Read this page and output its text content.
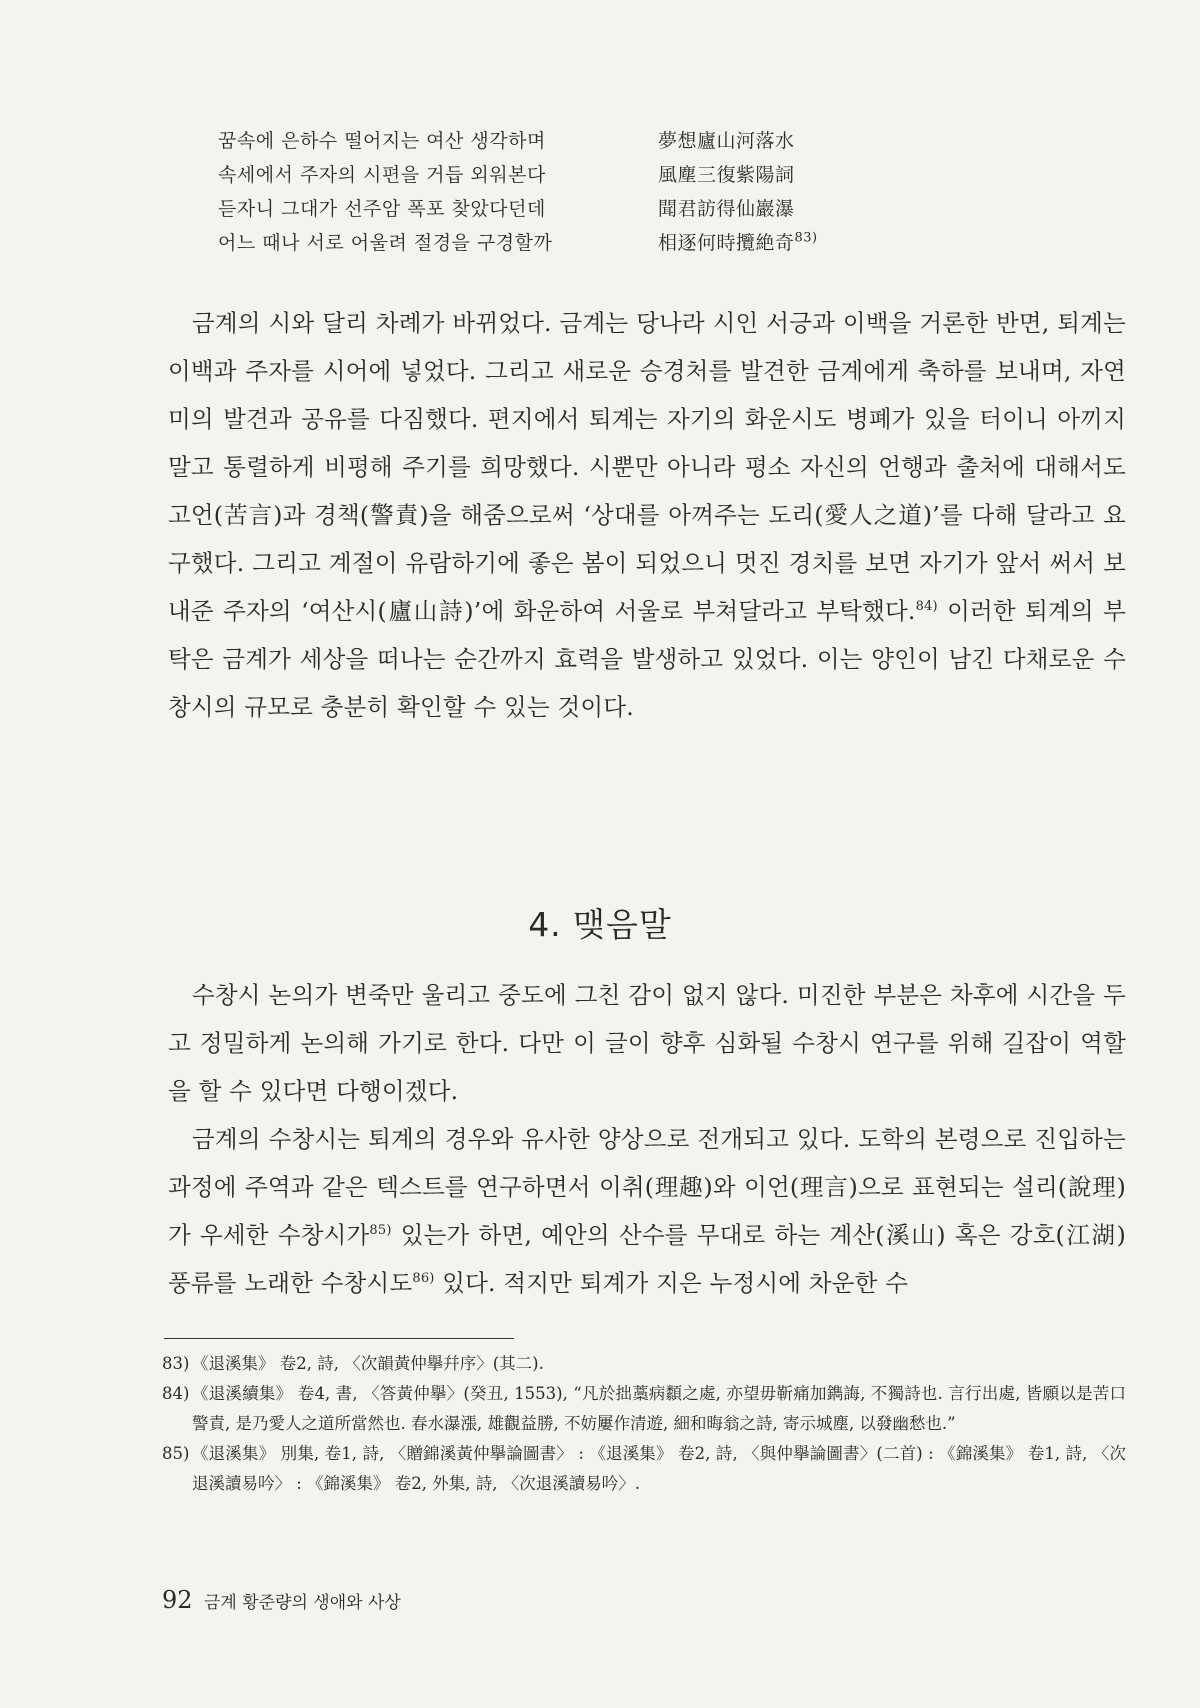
꿈속에 은하수 떨어지는 여산 생각하며	夢想廬山河落水
속세에서 주자의 시편을 거듭 외워본다	風塵三復紫陽詞
듣자니 그대가 선주암 폭포 찾았다던데	聞君訪得仙巖瀑
어느 때나 서로 어울려 절경을 구경할까	相逐何時攬絶奇$^{83)}$

금계의 시와 달리 차례가 바뀌었다. 금계는 당나라 시인 서긍과 이백을 거론한 반면, 퇴계는 이백과 주자를 시어에 넣었다. 그리고 새로운 승경처를 발견한 금계에게 축하를 보내며, 자연미의 발견과 공유를 다짐했다. 편지에서 퇴계는 자기의 화운시도 병폐가 있을 터이니 아끼지 말고 통렬하게 비평해 주기를 희망했다. 시뿐만 아니라 평소 자신의 언행과 출처에 대해서도 고언(苦言)과 경책(警責)을 해줌으로써 ‘상대를 아껴주는 도리(愛人之道)’를 다해 달라고 요구했다. 그리고 계절이 유람하기에 좋은 봄이 되었으니 멋진 경치를 보면 자기가 앞서 써서 보내준 주자의 ‘여산시(廬山詩)’에 화운하여 서울로 부쳐달라고 부탁했다.$^{84)}$ 이러한 퇴계의 부탁은 금계가 세상을 떠나는 순간까지 효력을 발생하고 있었다. 이는 양인이 남긴 다채로운 수창시의 규모로 충분히 확인할 수 있는 것이다.

4. 맺음말

수창시 논의가 변죽만 울리고 중도에 그친 감이 없지 않다. 미진한 부분은 차후에 시간을 두고 정밀하게 논의해 가기로 한다. 다만 이 글이 향후 심화될 수창시 연구를 위해 길잡이 역할을 할 수 있다면 다행이겠다.

금계의 수창시는 퇴계의 경우와 유사한 양상으로 전개되고 있다. 도학의 본령으로 진입하는 과정에 주역과 같은 텍스트를 연구하면서 이취(理趣)와 이언(理言)으로 표현되는 설리(說理)가 우세한 수창시가$^{85)}$ 있는가 하면, 예안의 산수를 무대로 하는 계산(溪山) 혹은 강호(江湖) 풍류를 노래한 수창시도$^{86)}$ 있다. 적지만 퇴계가 지은 누정시에 차운한 수

83) 《退溪集》 卷2, 詩, 〈次韻黃仲擧幷序〉(其二).
84) 《退溪續集》 卷4, 書, 〈答黃仲擧〉(癸丑, 1553), “凡於拙藁病纇之處, 亦望毋靳痛加鐫誨, 不獨詩也. 言行出處, 皆願以是苦口警責, 是乃愛人之道所當然也. 春水瀑漲, 雄觀益勝, 不妨屢作清遊, 細和晦翁之詩, 寄示城塵, 以發幽愁也.”
85) 《退溪集》 別集, 卷1, 詩, 〈贈錦溪黃仲擧論圖書〉 : 《退溪集》 卷2, 詩, 〈與仲擧論圖書〉(二首) : 《錦溪集》 卷1, 詩, 〈次退溪讀易吟〉 : 《錦溪集》 卷2, 外集, 詩, 〈次退溪讀易吟〉.
92 금계 황준량의 생애와 사상
